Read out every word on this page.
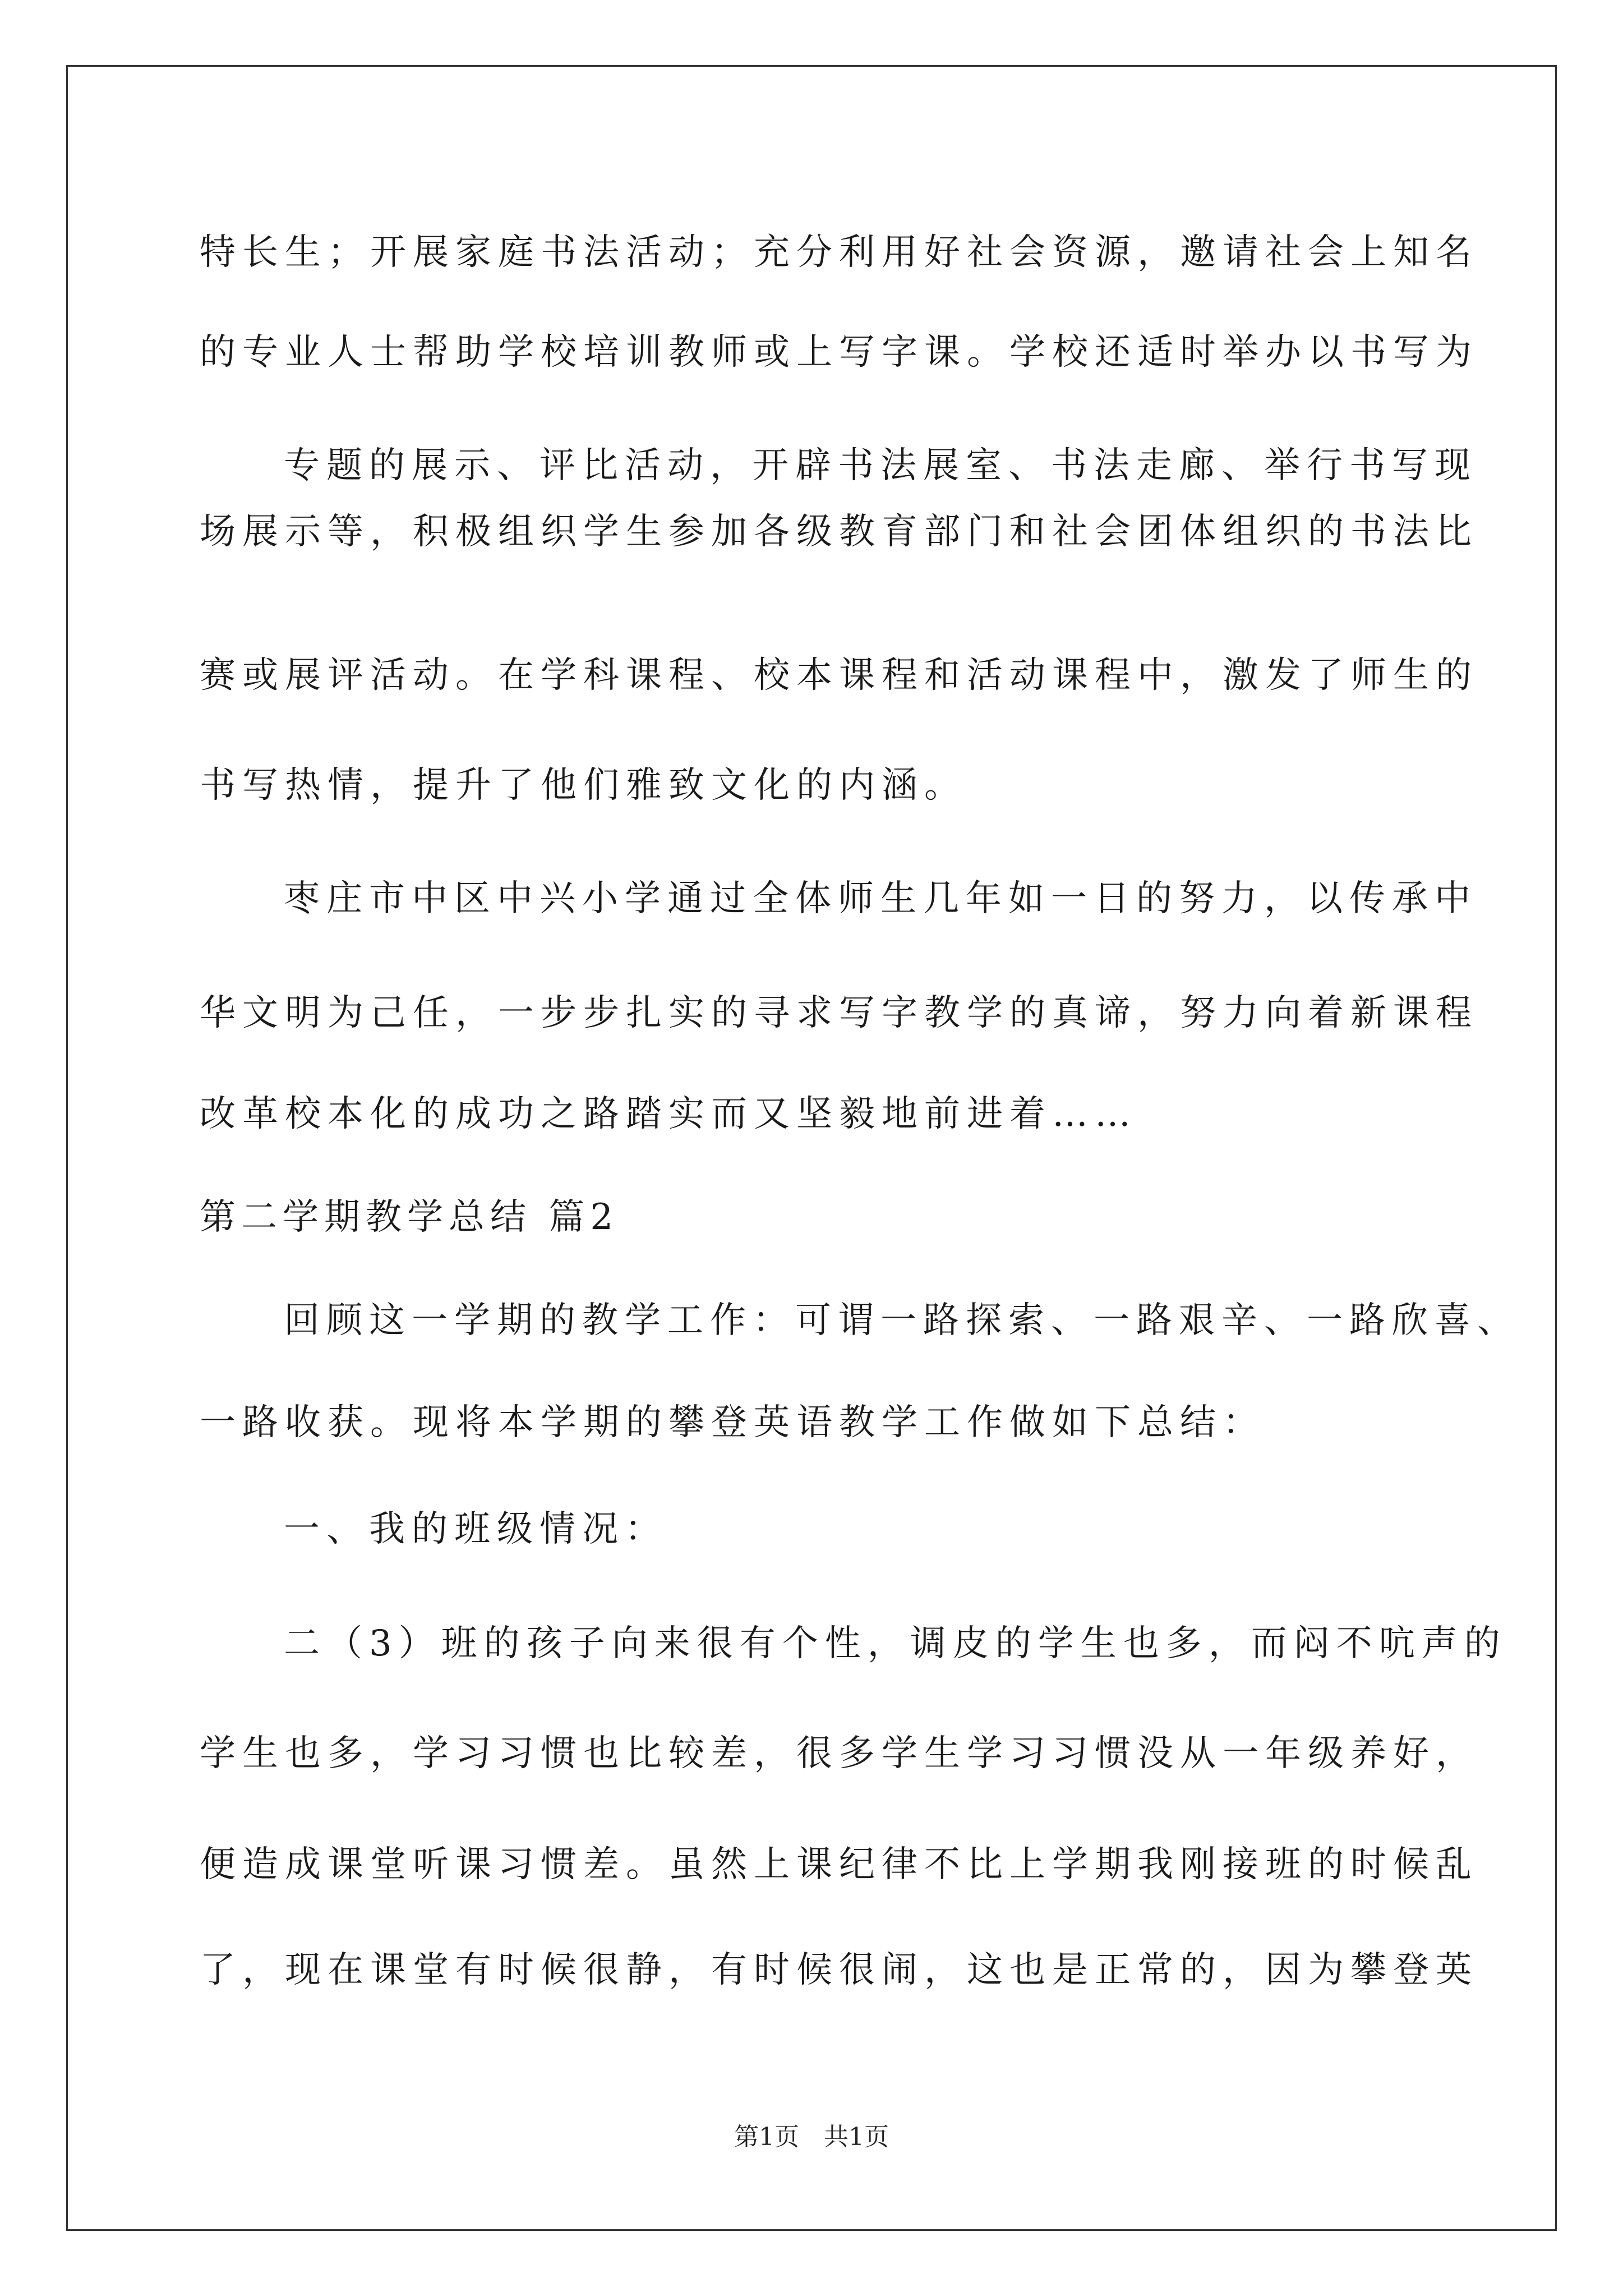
特长生；开展家庭书法活动；充分利用好社会资源，邀请社会上知名
的专业人士帮助学校培训教师或上写字课。学校还适时举办以书写为
专题的展示、评比活动，开辟书法展室、书法走廊、举行书写现
场展示等，积极组织学生参加各级教育部门和社会团体组织的书法比
赛或展评活动。在学科课程、校本课程和活动课程中，激发了师生的
书写热情，提升了他们雅致文化的内涵。
枣庄市中区中兴小学通过全体师生几年如一日的努力，以传承中
华文明为己任，一步步扎实的寻求写字教学的真谛，努力向着新课程
改革校本化的成功之路踏实而又坚毅地前进着……
第二学期教学总结 篇2
回顾这一学期的教学工作：可谓一路探索、一路艰辛、一路欣喜、
一路收获。现将本学期的攀登英语教学工作做如下总结：
一、我的班级情况：
二（3）班的孩子向来很有个性，调皮的学生也多，而闷不吭声的
学生也多，学习习惯也比较差，很多学生学习习惯没从一年级养好，
便造成课堂听课习惯差。虽然上课纪律不比上学期我刚接班的时候乱
了，现在课堂有时候很静，有时候很闹，这也是正常的，因为攀登英
第1页　共1页
